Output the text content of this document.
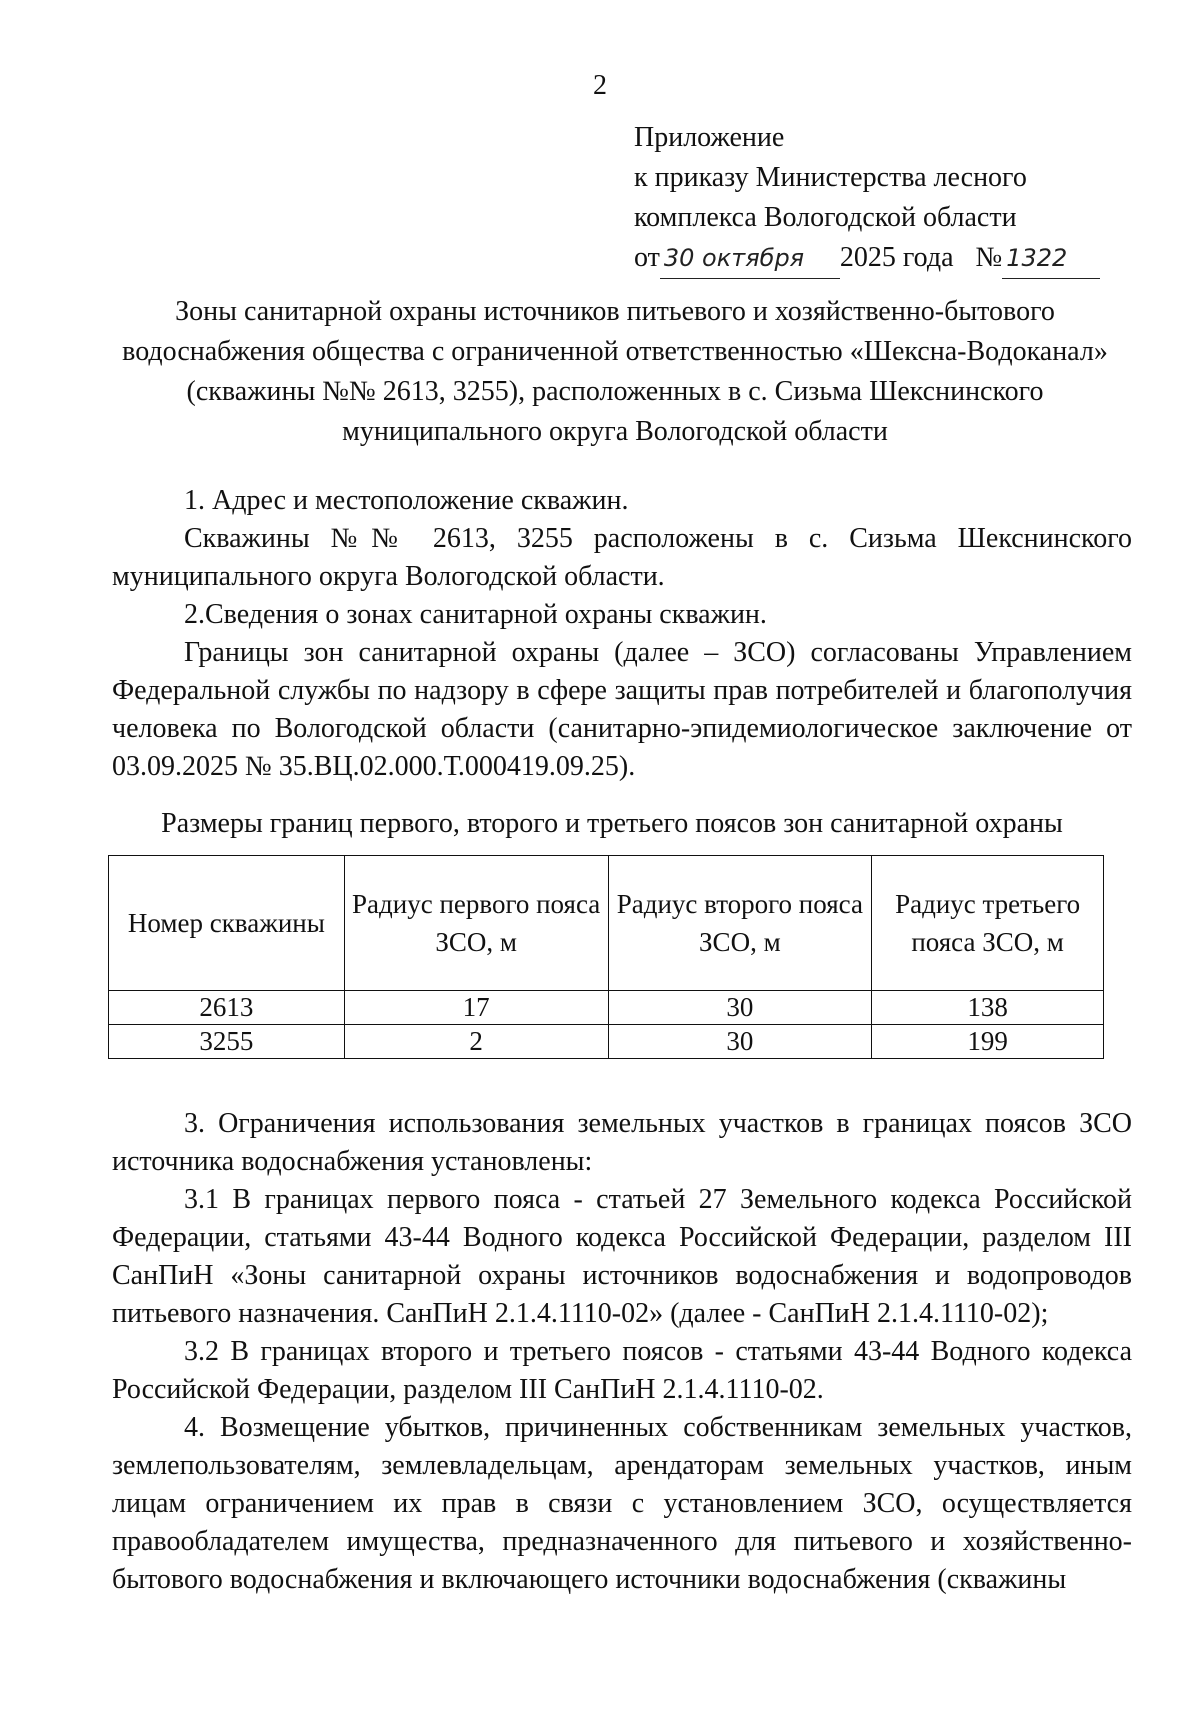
2
Приложение
к приказу Министерства лесного
комплекса Вологодской области
от 30 октября 2025 года № 1322
Зоны санитарной охраны источников питьевого и хозяйственно-бытового
водоснабжения общества с ограниченной ответственностью «Шексна-Водоканал»
(скважины №№ 2613, 3255), расположенных в с. Сизьма Шекснинского
муниципального округа Вологодской области

1. Адрес и местоположение скважин.

Скважины №№ 2613, 3255 расположены в с. Сизьма Шекснинского муниципального округа Вологодской области.

2.Сведения о зонах санитарной охраны скважин.

Границы зон санитарной охраны (далее – ЗСО) согласованы Управлением Федеральной службы по надзору в сфере защиты прав потребителей и благополучия человека по Вологодской области (санитарно-эпидемиологическое заключение от 03.09.2025 № 35.ВЦ.02.000.Т.000419.09.25).

Размеры границ первого, второго и третьего поясов зон санитарной охраны
Номер скважины	Радиус первого пояса ЗСО, м	Радиус второго пояса ЗСО, м	Радиус третьего пояса ЗСО, м
2613	17	30	138
3255	2	30	199

3. Ограничения использования земельных участков в границах поясов ЗСО источника водоснабжения установлены:

3.1 В границах первого пояса - статьей 27 Земельного кодекса Российской Федерации, статьями 43-44 Водного кодекса Российской Федерации, разделом III СанПиН «Зоны санитарной охраны источников водоснабжения и водопроводов питьевого назначения. СанПиН 2.1.4.1110-02» (далее - СанПиН 2.1.4.1110-02);

3.2 В границах второго и третьего поясов - статьями 43-44 Водного кодекса Российской Федерации, разделом III СанПиН 2.1.4.1110-02.

4. Возмещение убытков, причиненных собственникам земельных участков, землепользователям, землевладельцам, арендаторам земельных участков, иным лицам ограничением их прав в связи с установлением ЗСО, осуществляется правообладателем имущества, предназначенного для питьевого и хозяйственно-бытового водоснабжения и включающего источники водоснабжения (скважины
